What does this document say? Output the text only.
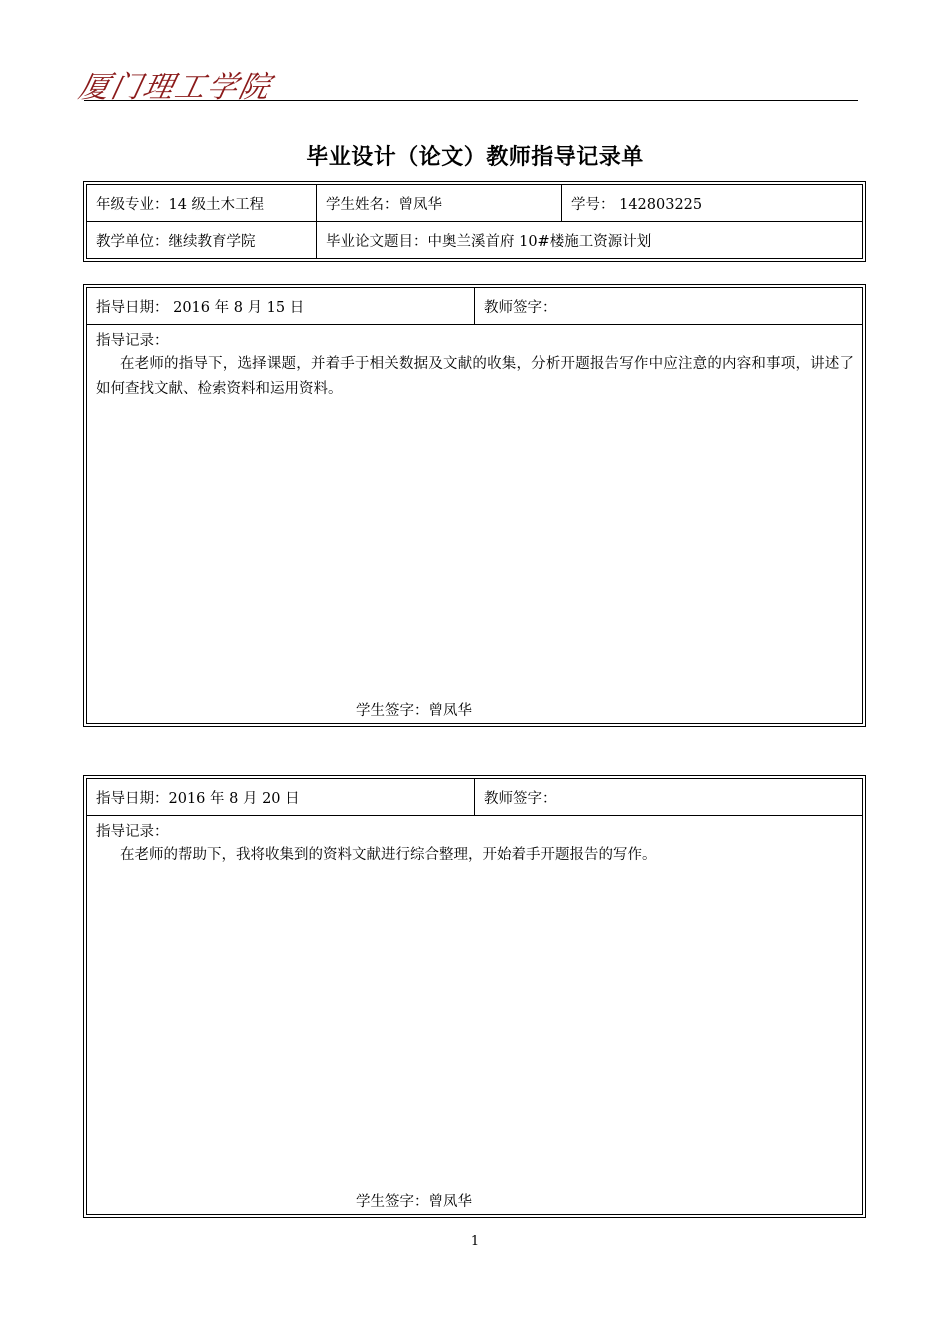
厦门理工学院
毕业设计（论文）教师指导记录单
年级专业：14 级土木工程	学生姓名：曾凤华	学号： 142803225
教学单位：继续教育学院	毕业论文题目：中奥兰溪首府 10#楼施工资源计划	
指导日期： 2016 年 8 月 15 日	教师签字：

指导记录：
在老师的指导下，选择课题，并着手于相关数据及文献的收集，分析开题报告写作中应注意的内容和事项，讲述了如何查找文献、检索资料和运用资料。
学生签字：曾凤华
指导日期：2016 年 8 月 20 日	教师签字：

指导记录：
在老师的帮助下，我将收集到的资料文献进行综合整理，开始着手开题报告的写作。
学生签字：曾凤华
1
